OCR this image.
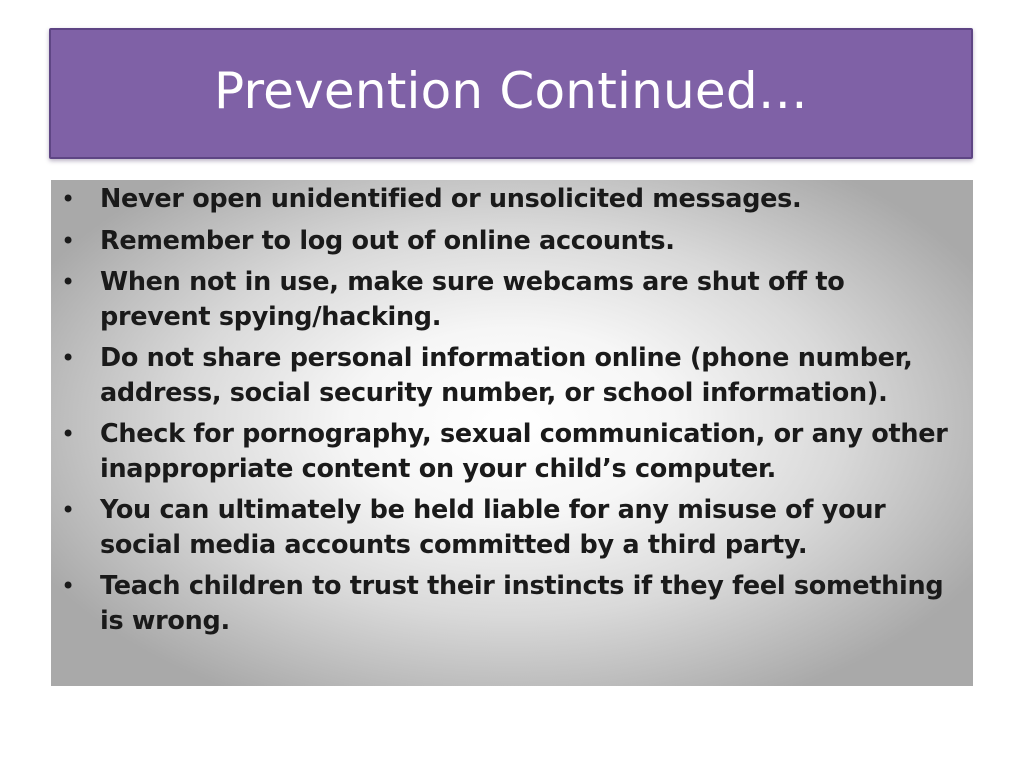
Prevention Continued…
• Never open unidentified or unsolicited messages.
• Remember to log out of online accounts.
• When not in use, make sure webcams are shut off to prevent spying/hacking.
• Do not share personal information online (phone number, address, social security number, or school information).
• Check for pornography, sexual communication, or any other inappropriate content on your child’s computer.
• You can ultimately be held liable for any misuse of your social media accounts committed by a third party.
• Teach children to trust their instincts if they feel something is wrong.
